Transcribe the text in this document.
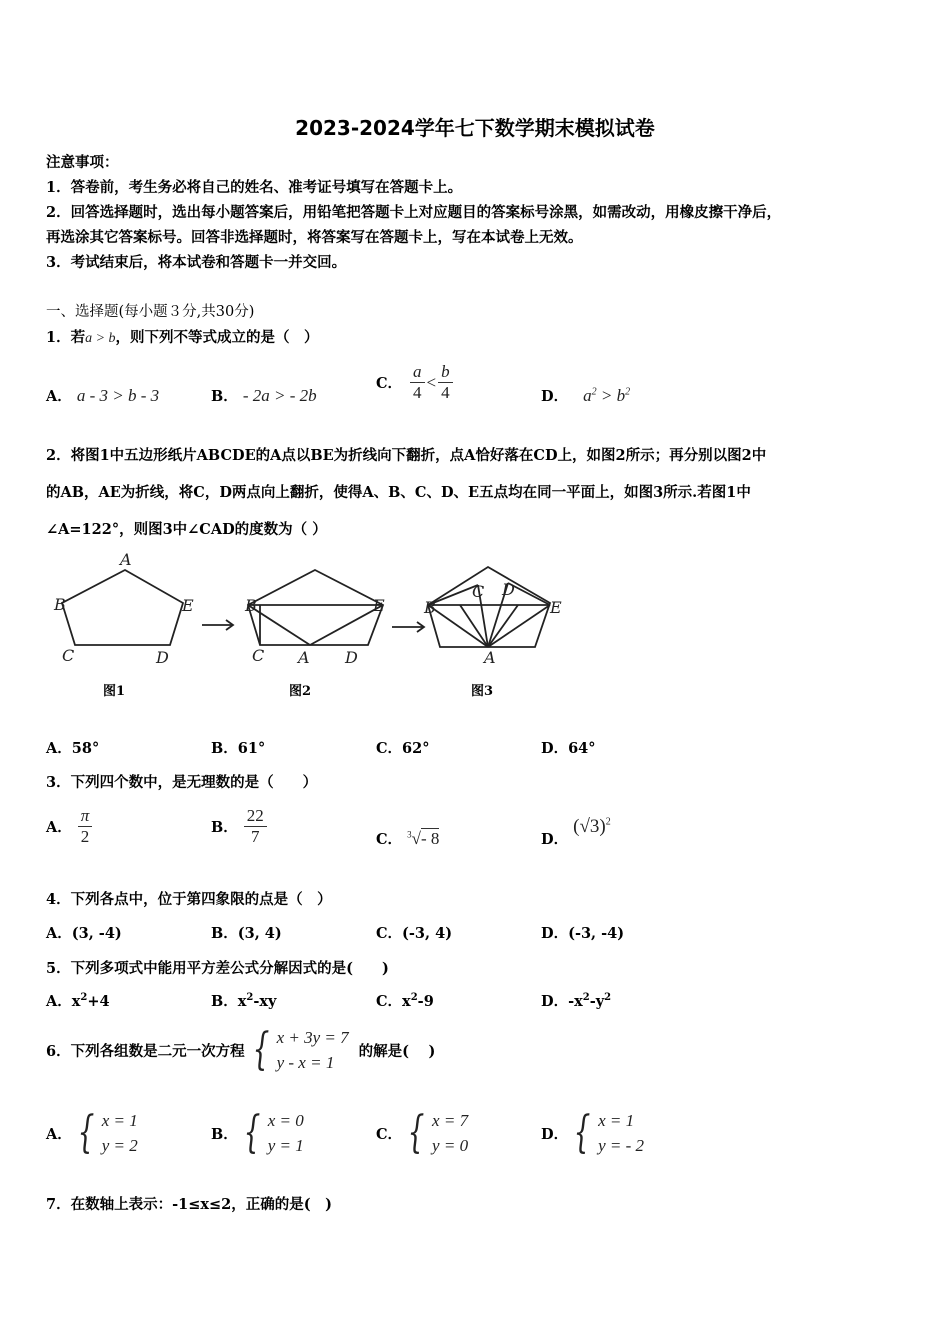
2023-2024学年七下数学期末模拟试卷
注意事项：
1．答卷前，考生务必将自己的姓名、准考证号填写在答题卡上。
2．回答选择题时，选出每小题答案后，用铅笔把答题卡上对应题目的答案标号涂黑，如需改动，用橡皮擦干净后，
再选涂其它答案标号。回答非选择题时，将答案写在答题卡上，写在本试卷上无效。
3．考试结束后，将本试卷和答题卡一并交回。
一、选择题(每小题３分,共30分)
1．若a > b，则下列不等式成立的是（　）
A． a - 3 > b - 3	B． - 2a > - 2b
C． $\frac{a}{4} < \frac{b}{4}$	D． $a^2 > b^2$
2．将图1中五边形纸片ABCDE的A点以BE为折线向下翻折，点A恰好落在CD上，如图2所示；再分别以图2中
的AB，AE为折线，将C，D两点向上翻折，使得A、B、C、D、E五点均在同一平面上，如图3所示.若图1中
∠A=122°，则图3中∠CAD的度数为（ ）
A
B
C	D
E	B
C A D
E B
C D
E
A
图1	图2	图3
A．58°	B．61°	C．62°	D．64°
3．下列四个数中，是无理数的是（　　）
A． $\frac{\pi}{2}$	B． $\frac{22}{7}$	C． $^3$√- 8	D． $(√3)^2$
4．下列各点中，位于第四象限的点是（　）
A．(3, -4)	B．(3, 4)	C．(-3, 4)	D．(-3, -4)
5．下列多项式中能用平方差公式分解因式的是(　　)
A．$x^2+4$	B．$x^2-xy$	C．$x^2-9$	D．$-x^2-y^2$
6．下列各组数是二元一次方程 { x + 3y = 7
y - x = 1
的解是(　 )
A． { x = 1
y = 2
B． { x = 0
y = 1
C． { x = 7
y = 0
D． { x = 1
y = - 2
7．在数轴上表示：-1≤x≤2，正确的是(　)
